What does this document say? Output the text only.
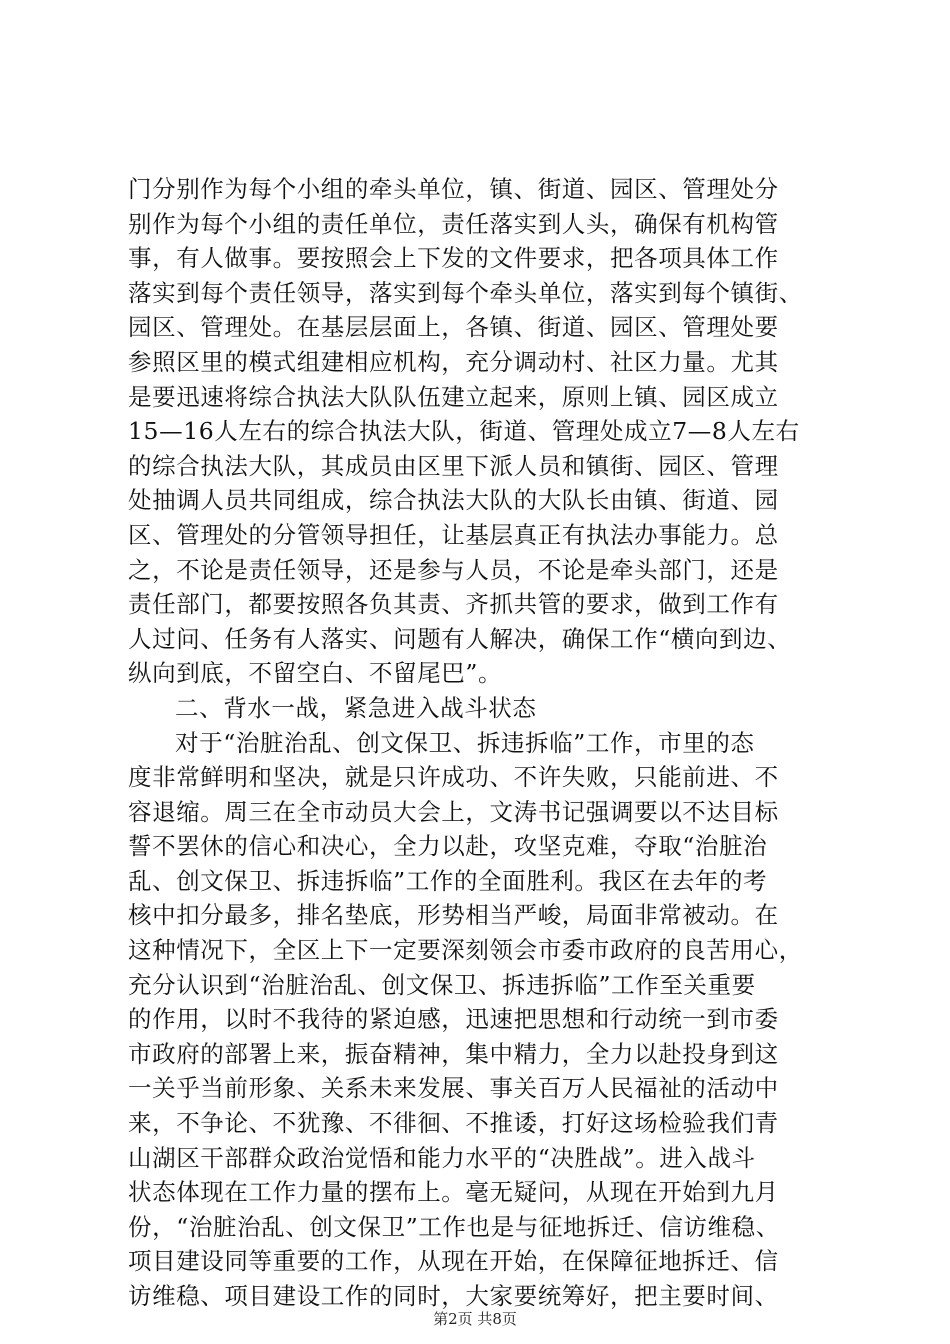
门分别作为每个小组的牵头单位，镇、街道、园区、管理处分
别作为每个小组的责任单位，责任落实到人头，确保有机构管
事，有人做事。要按照会上下发的文件要求，把各项具体工作
落实到每个责任领导，落实到每个牵头单位，落实到每个镇街、
园区、管理处。在基层层面上，各镇、街道、园区、管理处要
参照区里的模式组建相应机构，充分调动村、社区力量。尤其
是要迅速将综合执法大队队伍建立起来，原则上镇、园区成立
15—16人左右的综合执法大队，街道、管理处成立7—8人左右
的综合执法大队，其成员由区里下派人员和镇街、园区、管理
处抽调人员共同组成，综合执法大队的大队长由镇、街道、园
区、管理处的分管领导担任，让基层真正有执法办事能力。总
之，不论是责任领导，还是参与人员，不论是牵头部门，还是
责任部门，都要按照各负其责、齐抓共管的要求，做到工作有
人过问、任务有人落实、问题有人解决，确保工作“横向到边、
纵向到底，不留空白、不留尾巴”。
二、背水一战，紧急进入战斗状态
对于“治脏治乱、创文保卫、拆违拆临”工作，市里的态
度非常鲜明和坚决，就是只许成功、不许失败，只能前进、不
容退缩。周三在全市动员大会上，文涛书记强调要以不达目标
誓不罢休的信心和决心，全力以赴，攻坚克难，夺取“治脏治
乱、创文保卫、拆违拆临”工作的全面胜利。我区在去年的考
核中扣分最多，排名垫底，形势相当严峻，局面非常被动。在
这种情况下，全区上下一定要深刻领会市委市政府的良苦用心，
充分认识到“治脏治乱、创文保卫、拆违拆临”工作至关重要
的作用，以时不我待的紧迫感，迅速把思想和行动统一到市委
市政府的部署上来，振奋精神，集中精力，全力以赴投身到这
一关乎当前形象、关系未来发展、事关百万人民福祉的活动中
来，不争论、不犹豫、不徘徊、不推诿，打好这场检验我们青
山湖区干部群众政治觉悟和能力水平的“决胜战”。进入战斗
状态体现在工作力量的摆布上。毫无疑问，从现在开始到九月
份，“治脏治乱、创文保卫”工作也是与征地拆迁、信访维稳、
项目建设同等重要的工作，从现在开始，在保障征地拆迁、信
访维稳、项目建设工作的同时，大家要统筹好，把主要时间、
第2页 共8页
